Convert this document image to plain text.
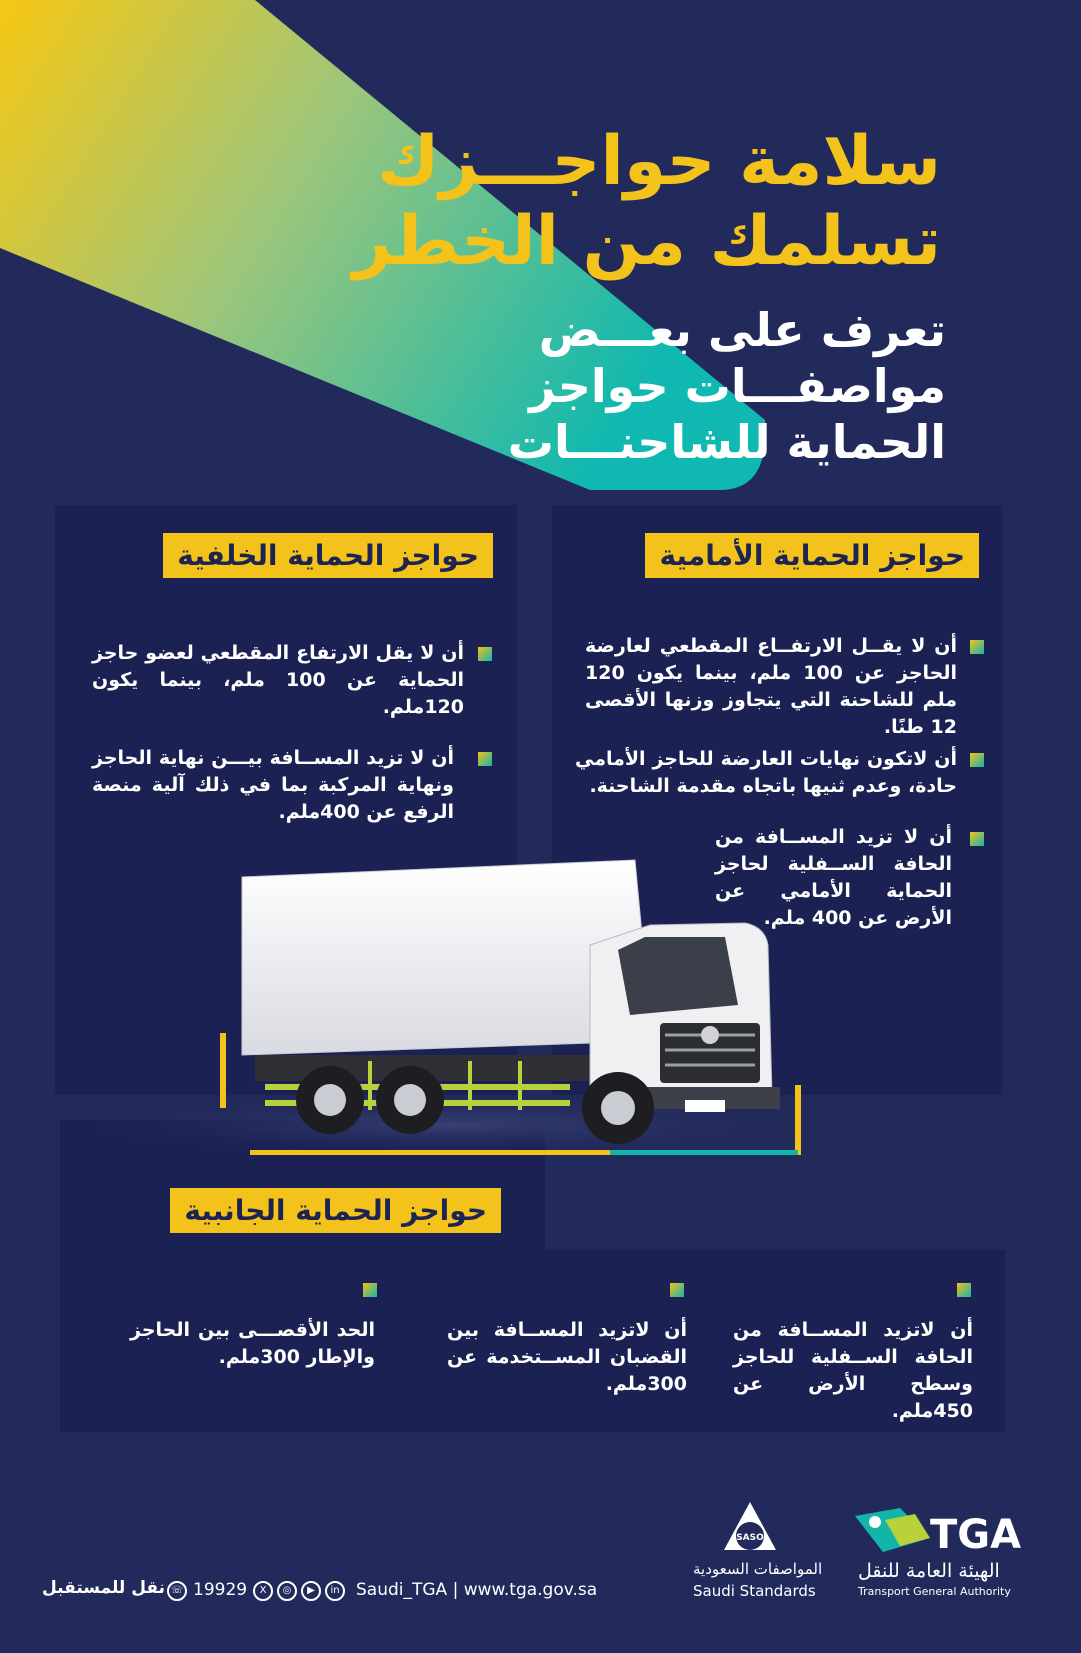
سلامة حواجـــزك
تسلمك من الخطر
تعرف على بعـــض
مواصفـــات حواجز
الحماية للشاحنـــات
حواجز الحماية الأمامية
حواجز الحماية الخلفية
حواجز الحماية الجانبية
أن لا يقــل الارتفــاع المقطعي لعارضة الحاجز عن 100 ملم، بينما يكون 120 ملم للشاحنة التي يتجاوز وزنها الأقصى 12 طنًا.
أن لاتكون نهايات العارضة للحاجز الأمامي حادة، وعدم ثنيها باتجاه مقدمة الشاحنة.
أن لا تزيد المســافة من الحافة الســفلية لحاجز الحماية الأمامي عن الأرض عن 400 ملم.
أن لا يقل الارتفاع المقطعي لعضو حاجز الحماية عن 100 ملم، بينما يكون 120ملم.
أن لا تزيد المســافة بيـــن نهاية الحاجز ونهاية المركبة بما في ذلك آلية منصة الرفع عن 400ملم.
أن لاتزيد المســافة من الحافة الســفلية للحاجز وسطح الأرض عن 450ملم.
أن لاتزيد المســافة بين القضبان المســتخدمة عن 300ملم.
الحد الأقصـــى بين الحاجز والإطار 300ملم.
نقل للمستقبل ☏ 19929	X	◎	▶	in Saudi_TGA | www.tga.gov.sa
SASO
المواصفات السعودية
Saudi Standards
TGA
الهيئة العامة للنقل
Transport General Authority
